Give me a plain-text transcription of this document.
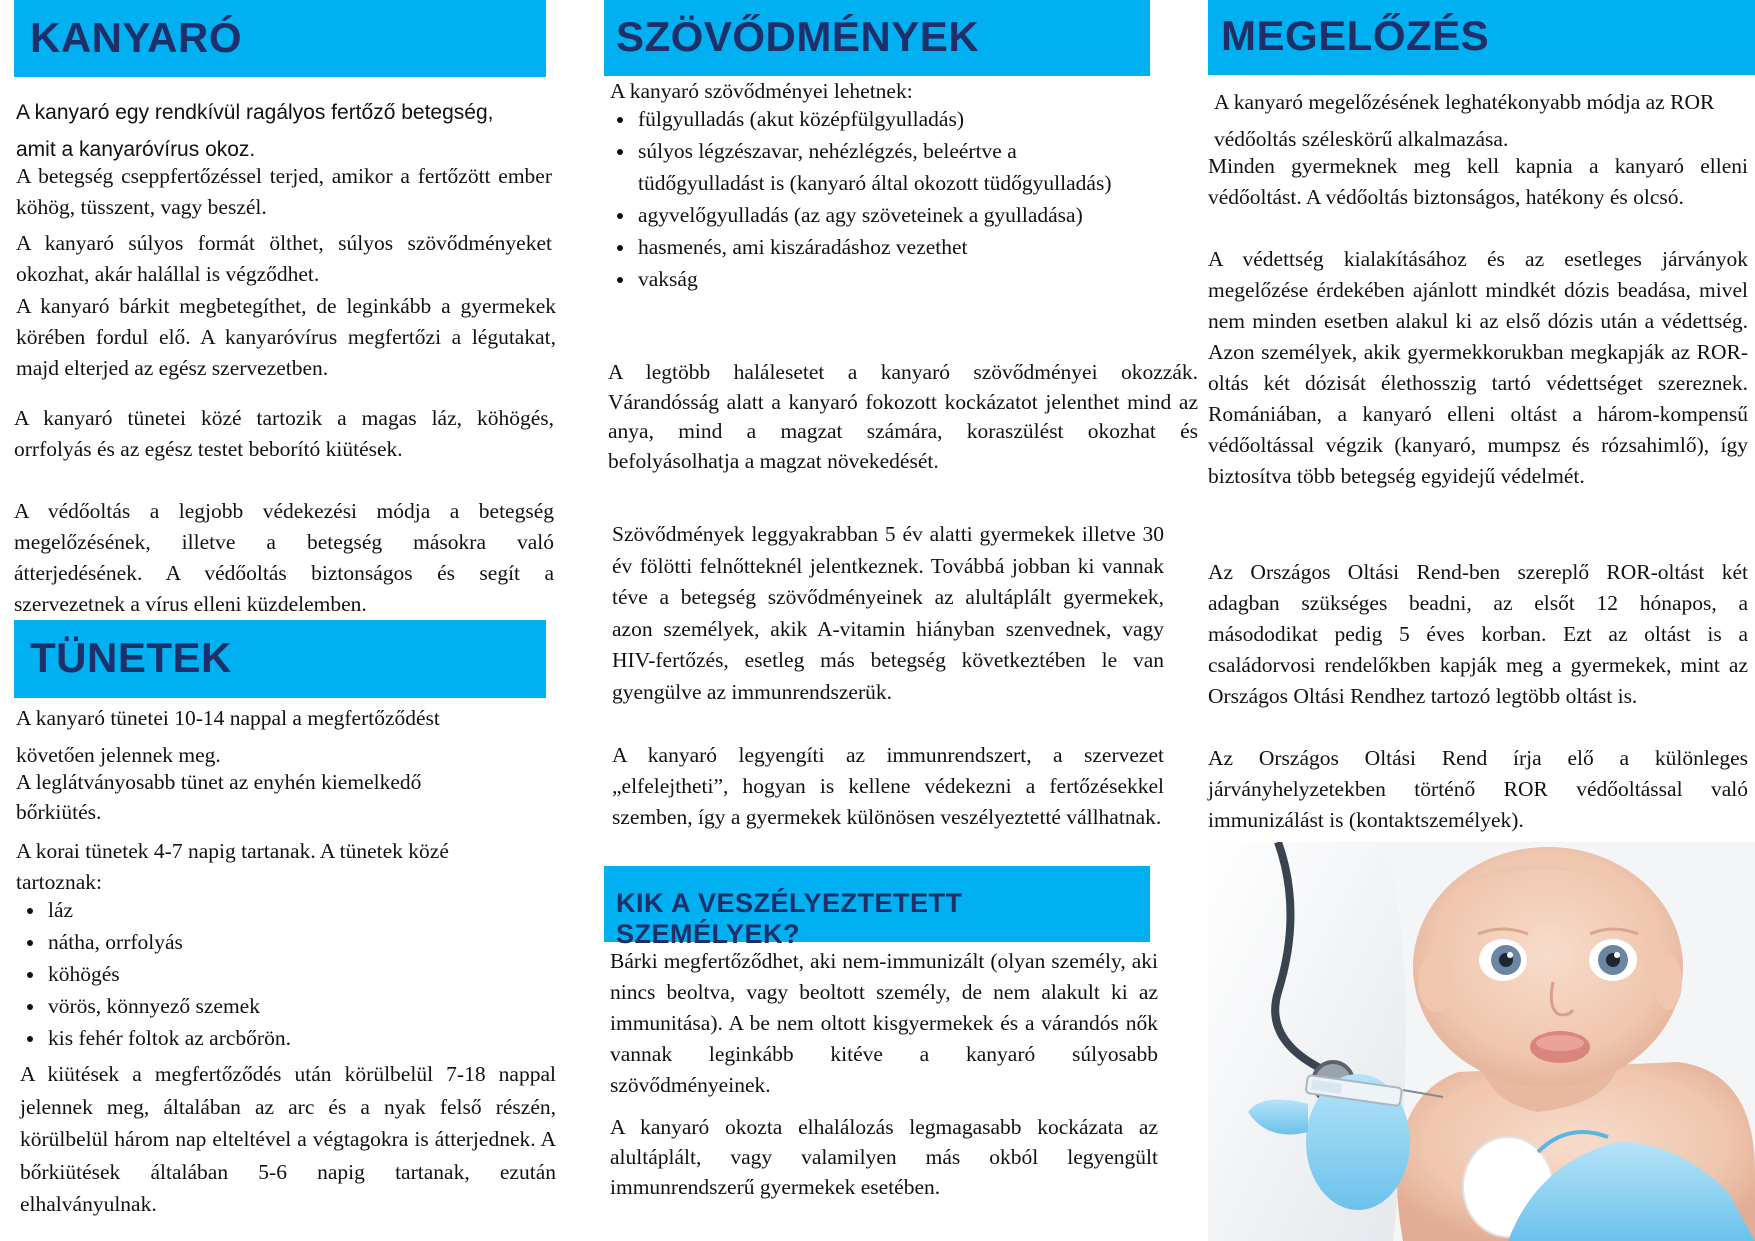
KANYARÓ

A kanyaró egy rendkívül ragályos fertőző betegség,

amit a kanyaróvírus okoz.

A betegség cseppfertőzéssel terjed, amikor a fertőzött ember köhög, tüsszent, vagy beszél.

A kanyaró súlyos formát ölthet, súlyos szövődményeket okozhat, akár halállal is végződhet.

A kanyaró bárkit megbetegíthet, de leginkább a gyermekek körében fordul elő. A kanyaróvírus megfertőzi a légutakat, majd elterjed az egész szervezetben.

A kanyaró tünetei közé tartozik a magas láz, köhögés, orrfolyás és az egész testet beborító kiütések.

A védőoltás a legjobb védekezési módja a betegség megelőzésének, illetve a betegség másokra való átterjedésének. A védőoltás biztonságos és segít a szervezetnek a vírus elleni küzdelemben.

TÜNETEK

A kanyaró tünetei 10-14 nappal a megfertőződést követően jelennek meg.

A leglátványosabb tünet az enyhén kiemelkedő bőrkiütés.

A korai tünetek 4-7 napig tartanak. A tünetek közé tartoznak:

• láz
• nátha, orrfolyás
• köhögés
• vörös, könnyező szemek
• kis fehér foltok az arcbőrön.

A kiütések a megfertőződés után körülbelül 7-18 nappal jelennek meg, általában az arc és a nyak felső részén, körülbelül három nap elteltével a végtagokra is átterjednek. A bőrkiütések általában 5-6 napig tartanak, ezután elhalványulnak.

SZÖVŐDMÉNYEK

A kanyaró szövődményei lehetnek:

• fülgyulladás (akut középfülgyulladás)
• súlyos légzészavar, nehézlégzés, beleértve a tüdőgyulladást is (kanyaró által okozott tüdőgyulladás)
• agyvelőgyulladás (az agy szöveteinek a gyulladása)
• hasmenés, ami kiszáradáshoz vezethet
• vakság

A legtöbb halálesetet a kanyaró szövődményei okozzák. Várandósság alatt a kanyaró fokozott kockázatot jelenthet mind az anya, mind a magzat számára, koraszülést okozhat és befolyásolhatja a magzat növekedését.

Szövődmények leggyakrabban 5 év alatti gyermekek illetve 30 év fölötti felnőtteknél jelentkeznek. Továbbá jobban ki vannak téve a betegség szövődményeinek az alultáplált gyermekek, azon személyek, akik A-vitamin hiányban szenvednek, vagy HIV-fertőzés, esetleg más betegség következtében le van gyengülve az immunrendszerük.

A kanyaró legyengíti az immunrendszert, a szervezet „elfelejtheti”, hogyan is kellene védekezni a fertőzésekkel szemben, így a gyermekek különösen veszélyeztetté vállhatnak.

KIK A VESZÉLYEZTETETT SZEMÉLYEK?

Bárki megfertőződhet, aki nem-immunizált (olyan személy, aki nincs beoltva, vagy beoltott személy, de nem alakult ki az immunitása). A be nem oltott kisgyermekek és a várandós nők vannak leginkább kitéve a kanyaró súlyosabb szövődményeinek.

A kanyaró okozta elhalálozás legmagasabb kockázata az alultáplált, vagy valamilyen más okból legyengült immunrendszerű gyermekek esetében.

MEGELŐZÉS

A kanyaró megelőzésének leghatékonyabb módja az ROR védőoltás széleskörű alkalmazása.

Minden gyermeknek meg kell kapnia a kanyaró elleni védőoltást. A védőoltás biztonságos, hatékony és olcsó.

A védettség kialakításához és az esetleges járványok megelőzése érdekében ajánlott mindkét dózis beadása, mivel nem minden esetben alakul ki az első dózis után a védettség. Azon személyek, akik gyermekkorukban megkapják az ROR-oltás két dózisát élethosszig tartó védettséget szereznek. Romániában, a kanyaró elleni oltást a három-kompensű védőoltással végzik (kanyaró, mumpsz és rózsahimlő), így biztosítva több betegség egyidejű védelmét.

Az Országos Oltási Rend-ben szereplő ROR-oltást két adagban szükséges beadni, az elsőt 12 hónapos, a másododikat pedig 5 éves korban. Ezt az oltást is a családorvosi rendelőkben kapják meg a gyermekek, mint az Országos Oltási Rendhez tartozó legtöbb oltást is.

Az Országos Oltási Rend írja elő a különleges járványhelyzetekben történő ROR védőoltással való immunizálást is (kontaktszemélyek).
